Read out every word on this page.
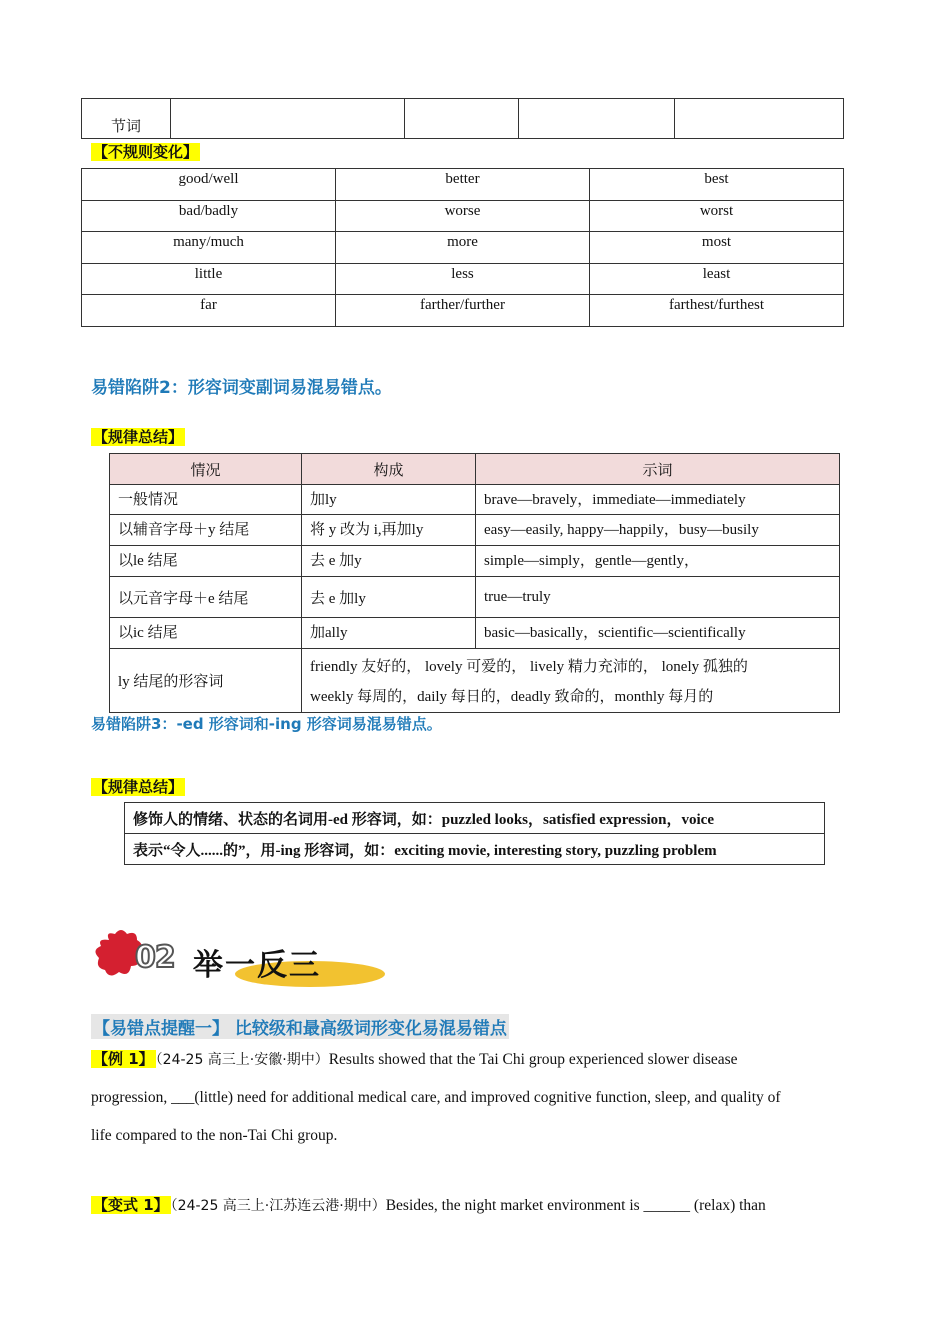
节词				
【不规则变化】
good/well	better	best
bad/badly	worse	worst
many/much	more	most
little	less	least
far	farther/further	farthest/furthest
易错陷阱2：形容词变副词易混易错点。
【规律总结】
情况	构成	示词
一般情况	加ly	brave—bravely，immediate—immediately
以辅音字母＋y 结尾	将 y 改为 i,再加ly	easy—easily, happy—happily，busy—busily
以le 结尾	去 e 加y	simple—simply，gentle—gently，
以元音字母＋e 结尾	去 e 加ly	true—truly
以ic 结尾	加ally	basic—basically，scientific—scientifically
ly 结尾的形容词	friendly 友好的， lovely 可爱的， lively 精力充沛的， lonely 孤独的
weekly 每周的，daily 每日的，deadly 致命的，monthly 每月的	
易错陷阱3：-ed 形容词和-ing 形容词易混易错点。
【规律总结】
修饰人的情绪、状态的名词用-ed 形容词，如：puzzled looks，satisfied expression，voice
表示“令人......的”，用-ing 形容词，如：exciting movie, interesting story, puzzling problem
02 举一反三
【易错点提醒一】 比较级和最高级词形变化易混易错点
【例 1】 （24-25 高三上·安徽·期中）Results showed that the Tai Chi group experienced slower disease
progression, ___(little) need for additional medical care, and improved cognitive function, sleep, and quality of
life compared to the non-Tai Chi group.
【变式 1】 （24-25 高三上·江苏连云港·期中）Besides, the night market environment is ______ (relax) than
